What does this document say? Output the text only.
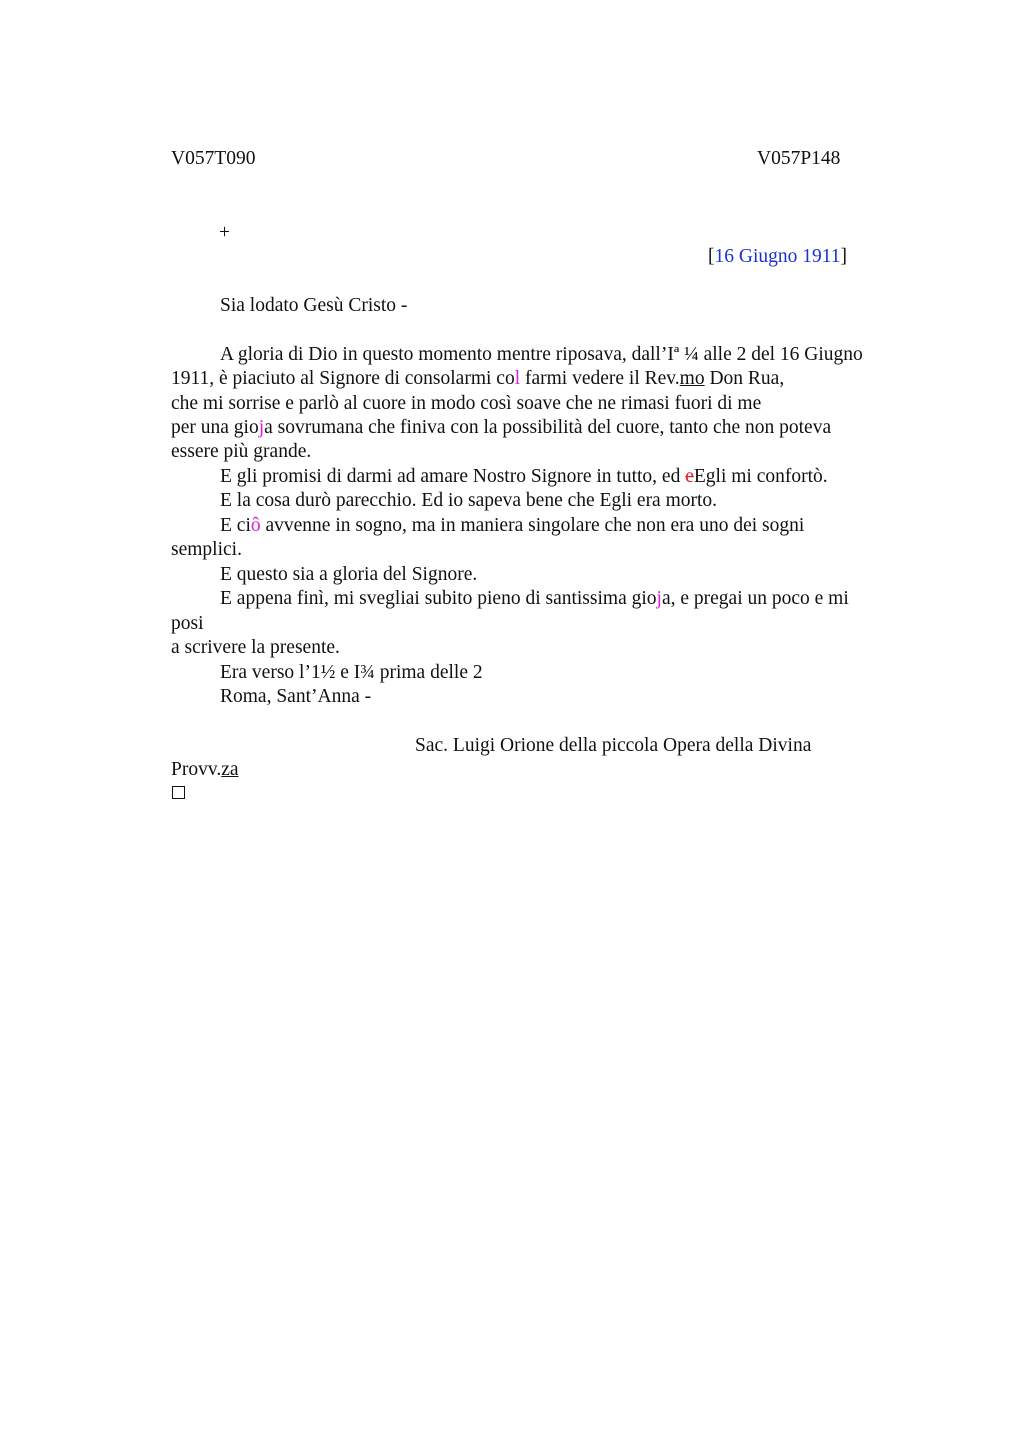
V057T090	V057P148
+
[16 Giugno 1911]
Sia lodato Gesù Cristo -
A gloria di Dio in questo momento mentre riposava, dall’Iª ¼ alle 2 del 16 Giugno
1911, è piaciuto al Signore di consolarmi col farmi vedere il Rev.mo Don Rua,
che mi sorrise e parlò al cuore in modo così soave che ne rimasi fuori di me
per una gioja sovrumana che finiva con la possibilità del cuore, tanto che non poteva
essere più grande.
E gli promisi di darmi ad amare Nostro Signore in tutto, ed eEgli mi confortò.
E la cosa durò parecchio. Ed io sapeva bene che Egli era morto.
E ciô avvenne in sogno, ma in maniera singolare che non era uno dei sogni
semplici.
E questo sia a gloria del Signore.
E appena finì, mi svegliai subito pieno di santissima gioja, e pregai un poco e mi
posi
a scrivere la presente.
Era verso l’1½ e I¾ prima delle 2
Roma, Sant’Anna -
Sac. Luigi Orione della piccola Opera della Divina
Provv.za
